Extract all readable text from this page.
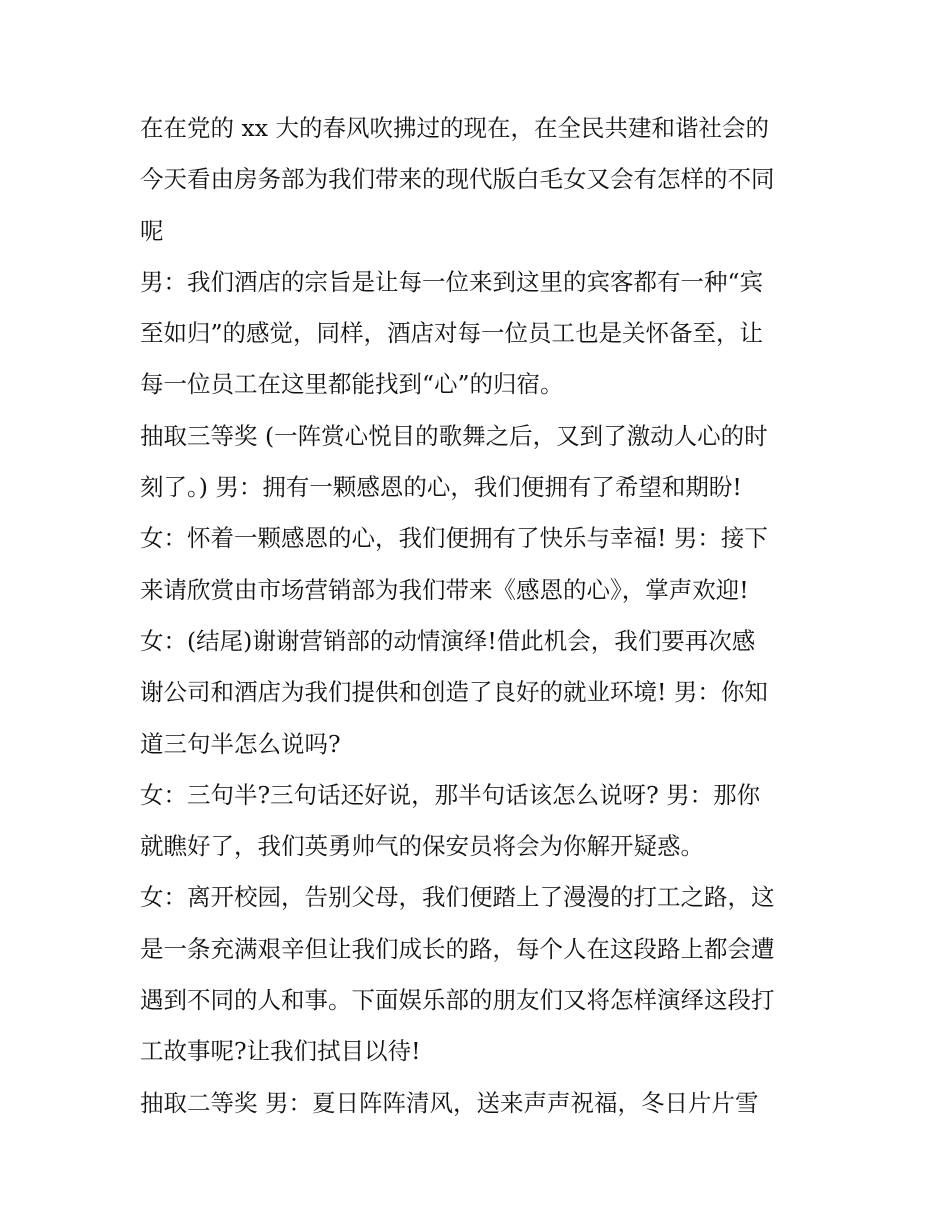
在在党的 xx 大的春风吹拂过的现在，在全民共建和谐社会的
今天看由房务部为我们带来的现代版白毛女又会有怎样的不同
呢
男：我们酒店的宗旨是让每一位来到这里的宾客都有一种“宾
至如归”的感觉，同样，酒店对每一位员工也是关怀备至，让
每一位员工在这里都能找到“心”的归宿。
抽取三等奖 (一阵赏心悦目的歌舞之后，又到了激动人心的时
刻了。) 男：拥有一颗感恩的心，我们便拥有了希望和期盼!
女：怀着一颗感恩的心，我们便拥有了快乐与幸福! 男：接下
来请欣赏由市场营销部为我们带来《感恩的心》，掌声欢迎!
女：(结尾)谢谢营销部的动情演绎!借此机会，我们要再次感
谢公司和酒店为我们提供和创造了良好的就业环境! 男：你知
道三句半怎么说吗?
女：三句半?三句话还好说，那半句话该怎么说呀? 男：那你
就瞧好了，我们英勇帅气的保安员将会为你解开疑惑。
女：离开校园，告别父母，我们便踏上了漫漫的打工之路，这
是一条充满艰辛但让我们成长的路，每个人在这段路上都会遭
遇到不同的人和事。下面娱乐部的朋友们又将怎样演绎这段打
工故事呢?让我们拭目以待!
抽取二等奖 男：夏日阵阵清风，送来声声祝福，冬日片片雪
